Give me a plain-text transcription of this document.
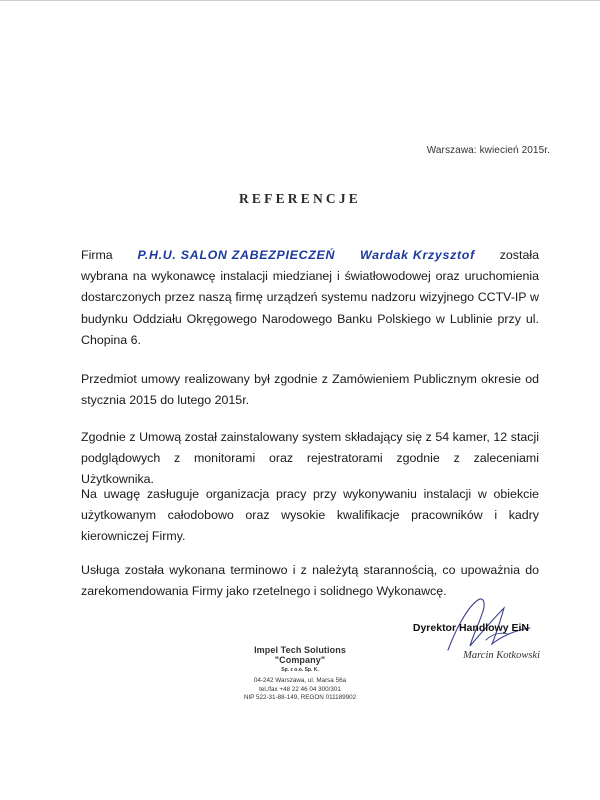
Warszawa: kwiecień 2015r.
REFERENCJE
Firma P.H.U. SALON ZABEZPIECZEŃ Wardak Krzysztof została
wybrana na wykonawcę instalacji miedzianej i światłowodowej oraz uruchomienia dostarczonych przez naszą firmę urządzeń systemu nadzoru wizyjnego CCTV-IP w budynku Oddziału Okręgowego Narodowego Banku Polskiego w Lublinie przy ul. Chopina 6.
Przedmiot umowy realizowany był zgodnie z Zamówieniem Publicznym okresie od stycznia 2015 do lutego 2015r.
Zgodnie z Umową został zainstalowany system składający się z 54 kamer, 12 stacji podglądowych z monitorami oraz rejestratorami zgodnie z zaleceniami Użytkownika.
Na uwagę zasługuje organizacja pracy przy wykonywaniu instalacji w obiekcie użytkowanym całodobowo oraz wysokie kwalifikacje pracowników i kadry kierowniczej Firmy.
Usługa została wykonana terminowo i z należytą starannością, co upoważnia do zarekomendowania Firmy jako rzetelnego i solidnego Wykonawcę.
Dyrektor Handlowy EiN
Marcin Kotkowski
Impel Tech Solutions "Company"
Sp. z o.o. Sp. K.
04-242 Warszawa, ul. Marsa 56a
tel./fax +48 22 46 04 300/301
NIP 522-31-88-149, REGON 011189902
